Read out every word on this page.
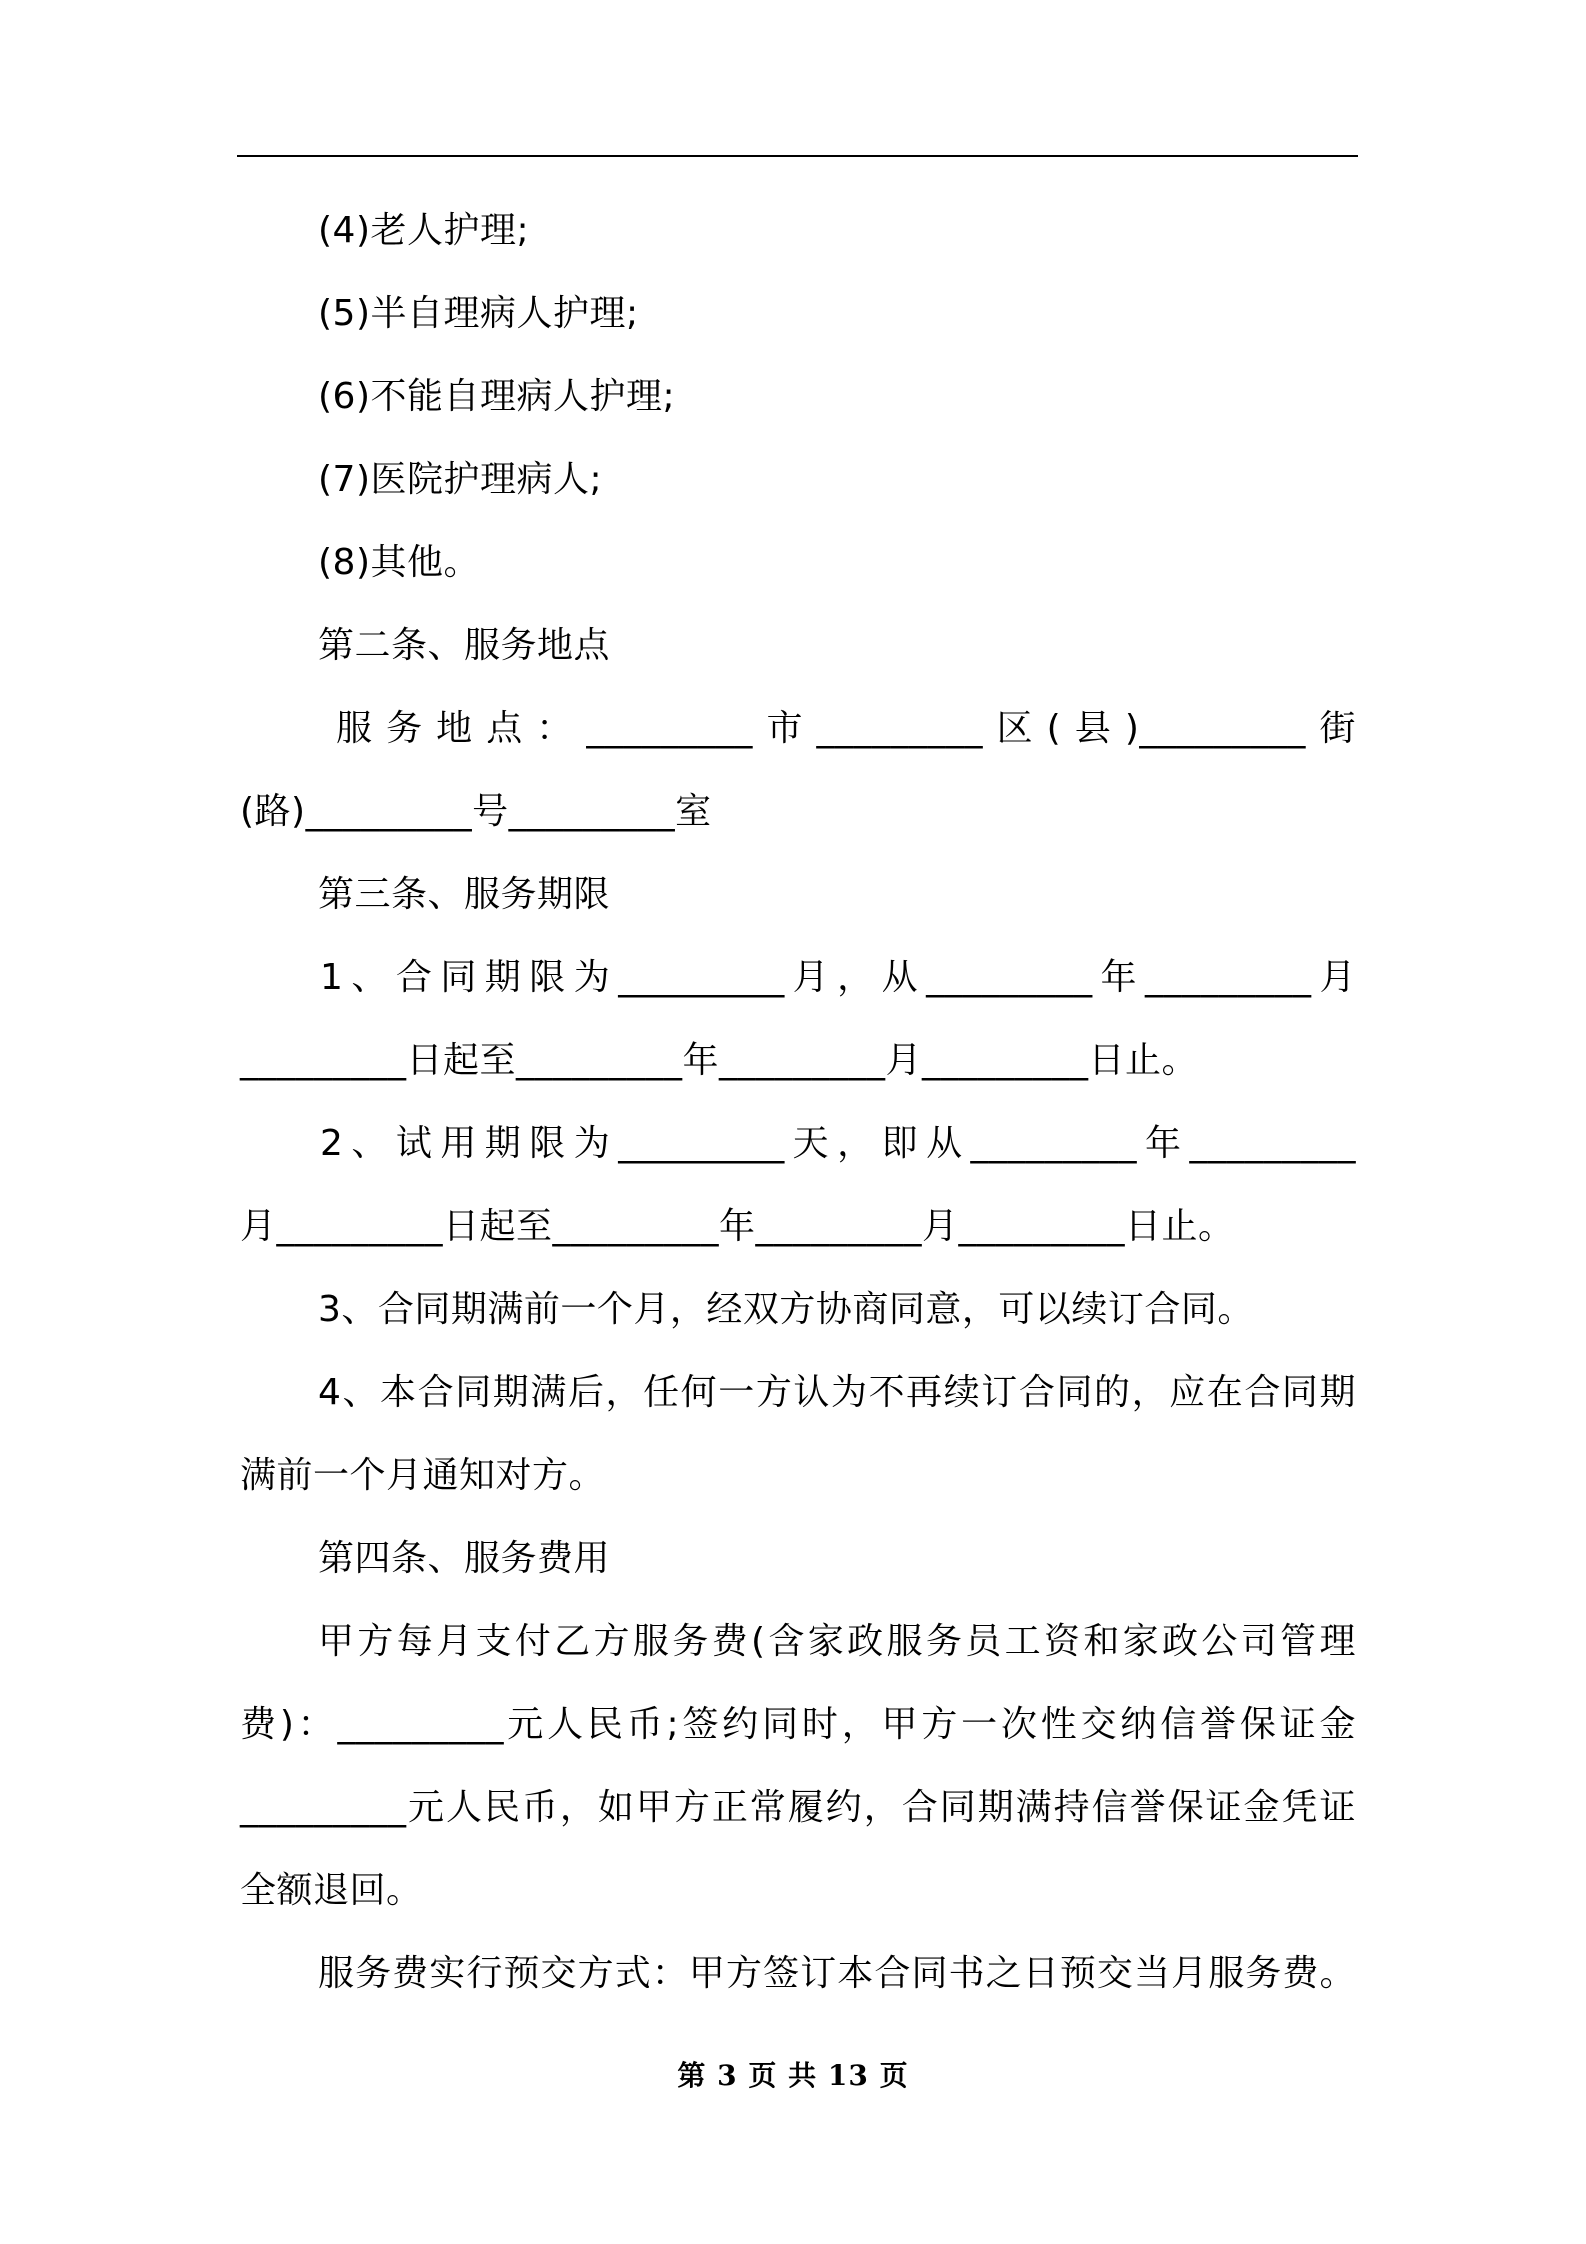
(4)老人护理;
(5)半自理病人护理;
(6)不能自理病人护理;
(7)医院护理病人;
(8)其他。
第二条、服务地点
服务地点：_________市_________区(县)_________街
(路)_________号_________室
第三条、服务期限
1、合同期限为_________月，从_________年_________月
_________日起至_________年_________月_________日止。
2、试用期限为_________天，即从_________年_________
月_________日起至_________年_________月_________日止。
3、合同期满前一个月，经双方协商同意，可以续订合同。
4、本合同期满后，任何一方认为不再续订合同的，应在合同期
满前一个月通知对方。
第四条、服务费用
甲方每月支付乙方服务费(含家政服务员工资和家政公司管理
费)：_________元人民币;签约同时，甲方一次性交纳信誉保证金
_________元人民币，如甲方正常履约，合同期满持信誉保证金凭证
全额退回。
服务费实行预交方式：甲方签订本合同书之日预交当月服务费。
第 3 页 共 13 页
